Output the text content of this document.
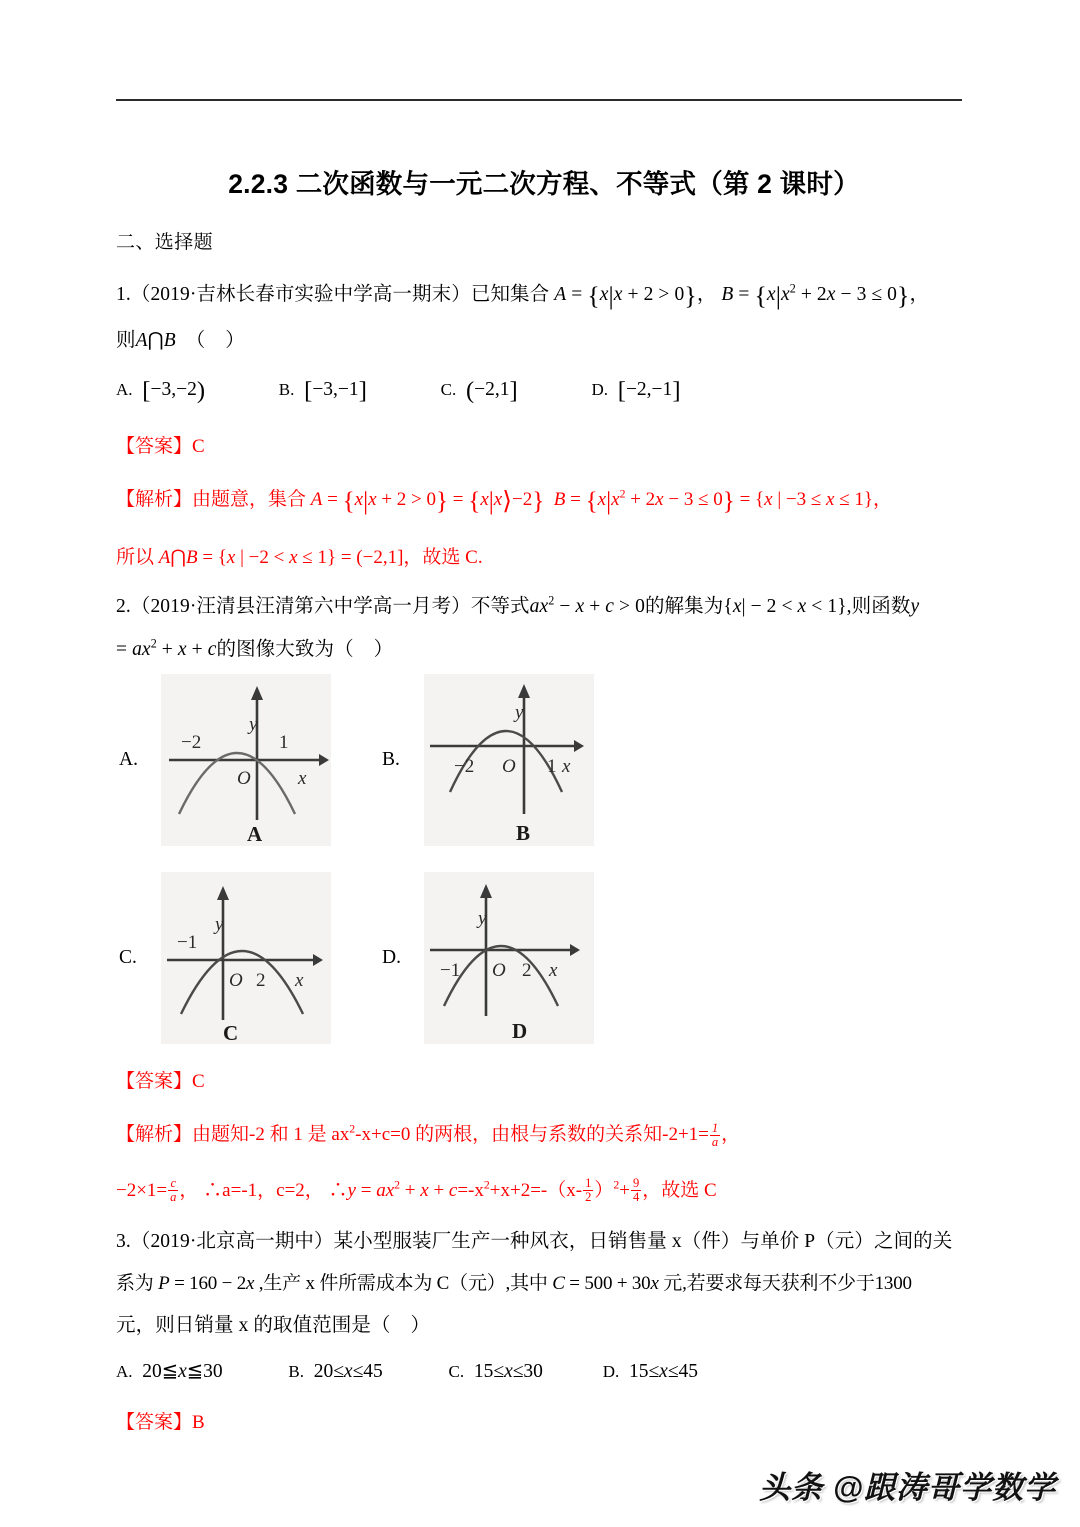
2.2.3 二次函数与一元二次方程、不等式（第 2 课时）
二、选择题
1.（2019·吉林长春市实验中学高一期末）已知集合 A = {x|x + 2 > 0}， $B = \{x|x^2 + 2x - 3 \le 0\}$，
则A⋂B  （    ）
A. [−3,−2)	B. [−3,−1]	C. (−2,1]	D. [−2,−1]
【答案】C
【解析】由题意，集合 A = {x|x + 2 > 0} = {x|x⟩−2} $B = \{x|x^2 + 2x - 3 \le 0\} = \{x$ | −3 ≤ x ≤ 1}，
所以 A⋂B = {x | −2 < x ≤ 1} = (−2,1]，故选 C.
2.（2019·汪清县汪清第六中学高一月考）不等式$ax^2 - x + c > 0$的解集为{x| − 2 < x < 1},则函数y
= $ax^2 + x + c$的图像大致为（    ）
A.
−2	1
O x
y
A
B.	−2	1
O x
y
B
C.
−1
2
O	x
y
C
D.
−1	2
O x
y
D
【答案】C
【解析】由题知-2 和 1 是 $ax^2-x+c=0$ 的两根，由根与系数的关系知$-2+1= \frac{1}{a}$ ，
$-2\times 1= \frac{c}{a}$ ， ∴a=-1，c=2， ∴y = $ax^2 + x + c=-x^2+x+2=-(x- \frac{1}{2} )^2+ \frac{9}{4}$ ，故选 C
3.（2019·北京高一期中）某小型服装厂生产一种风衣，日销售量 x（件）与单价 P（元）之间的关
系为 P = 160 − 2x ,生产 x 件所需成本为 C（元）,其中 C = 500 + 30x 元,若要求每天获利不少于1300
元，则日销量 x 的取值范围是（    ）
A. 20≦x≦30	B. 20≤x≤45	C. 15≤x≤30	D. 15≤x≤45
【答案】B
头条 @跟涛哥学数学
